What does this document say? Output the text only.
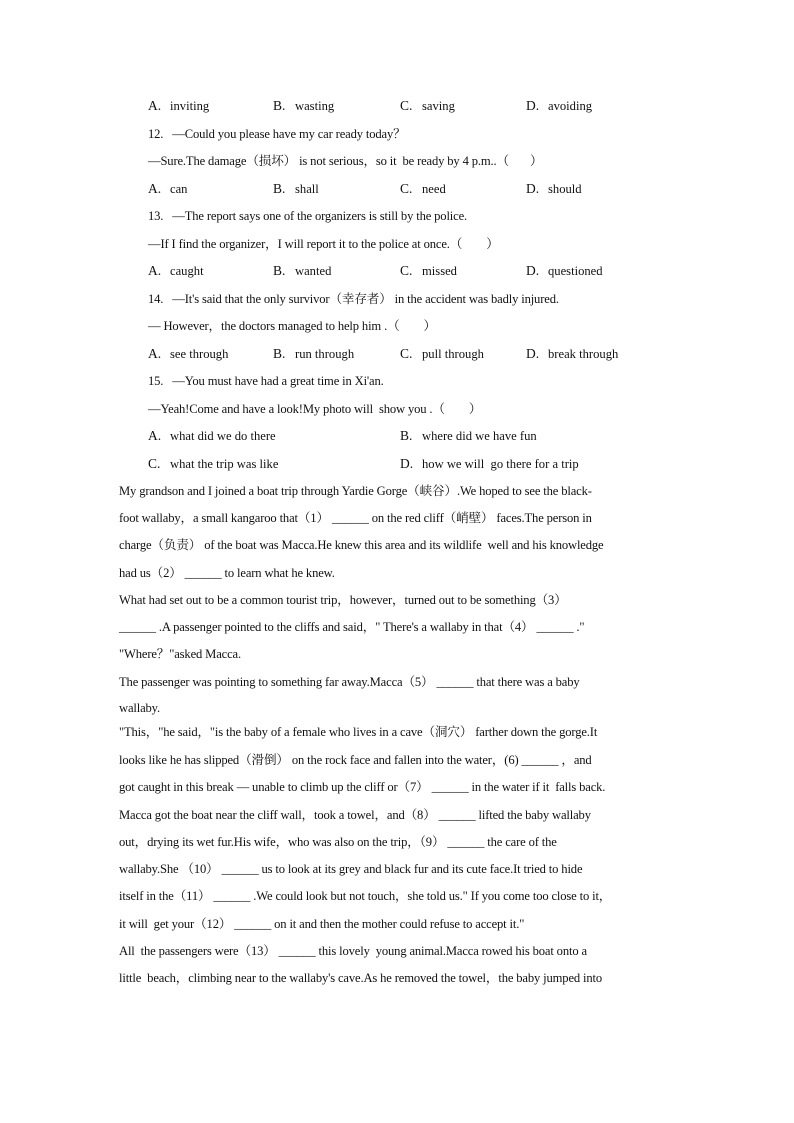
A. inviting	B. wasting	C. saving	D. avoiding
12.   —Could you please have my car ready today？
—Sure.The damage（损坏） is not serious，so it  be ready by 4 p.m..（       ）
A. can	B. shall	C. need	D. should
13.   —The report says one of the organizers is still by the police.
—If I find the organizer，I will report it to the police at once.（        ）
A. caught	B. wanted	C. missed	D. questioned
14.   —It's said that the only survivor（幸存者） in the accident was badly injured.
— However，the doctors managed to help him .（        ）
A. see through	B. run through	C. pull through	D. break through
15.   —You must have had a great time in Xi'an.
—Yeah!Come and have a look!My photo will  show you .（        ）
A. what did we do there	B. where did we have fun
C. what the trip was like	D. how we will  go there for a trip
My grandson and I joined a boat trip through Yardie Gorge（峡谷）.We hoped to see the black-
foot wallaby，a small kangaroo that（1） ______ on the red cliff（峭壁） faces.The person in
charge（负责） of the boat was Macca.He knew this area and its wildlife  well and his knowledge
had us（2） ______ to learn what he knew.
What had set out to be a common tourist trip，however，turned out to be something（3）
______ .A passenger pointed to the cliffs and said，" There's a wallaby in that（4） ______ ."
"Where？"asked Macca.
The passenger was pointing to something far away.Macca（5） ______ that there was a baby
wallaby.
"This，"he said，"is the baby of a female who lives in a cave（洞穴） farther down the gorge.It
looks like he has slipped（滑倒） on the rock face and fallen into the water，(6) ______ ，and
got caught in this break — unable to climb up the cliff or（7） ______ in the water if it  falls back.
Macca got the boat near the cliff wall，took a towel，and（8） ______ lifted the baby wallaby
out，drying its wet fur.His wife，who was also on the trip，（9） ______ the care of the
wallaby.She （10） ______ us to look at its grey and black fur and its cute face.It tried to hide
itself in the（11） ______ .We could look but not touch，she told us." If you come too close to it，
it will  get your（12） ______ on it and then the mother could refuse to accept it."
All  the passengers were（13） ______ this lovely  young animal.Macca rowed his boat onto a
little  beach，climbing near to the wallaby's cave.As he removed the towel，the baby jumped into
